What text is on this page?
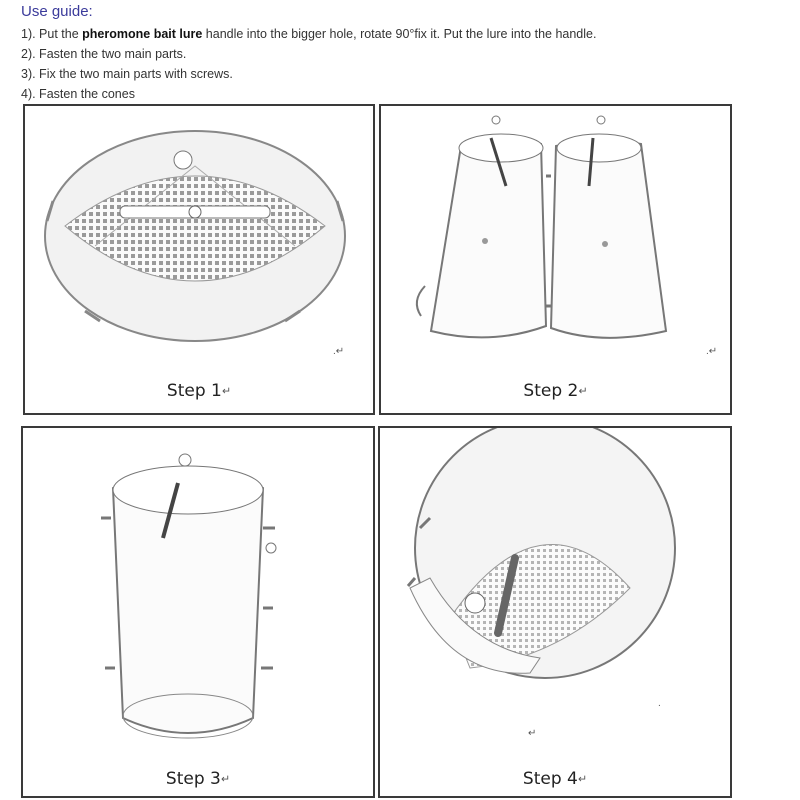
Use guide:
1). Put the pheromone bait lure handle into the bigger hole, rotate 90°fix it. Put the lure into the handle.
2). Fasten the two main parts.
3). Fix the two main parts with screws.
4). Fasten the cones
.↵
Step 1↵
.↵
Step 2↵
Step 3↵
.
↵
Step 4↵
